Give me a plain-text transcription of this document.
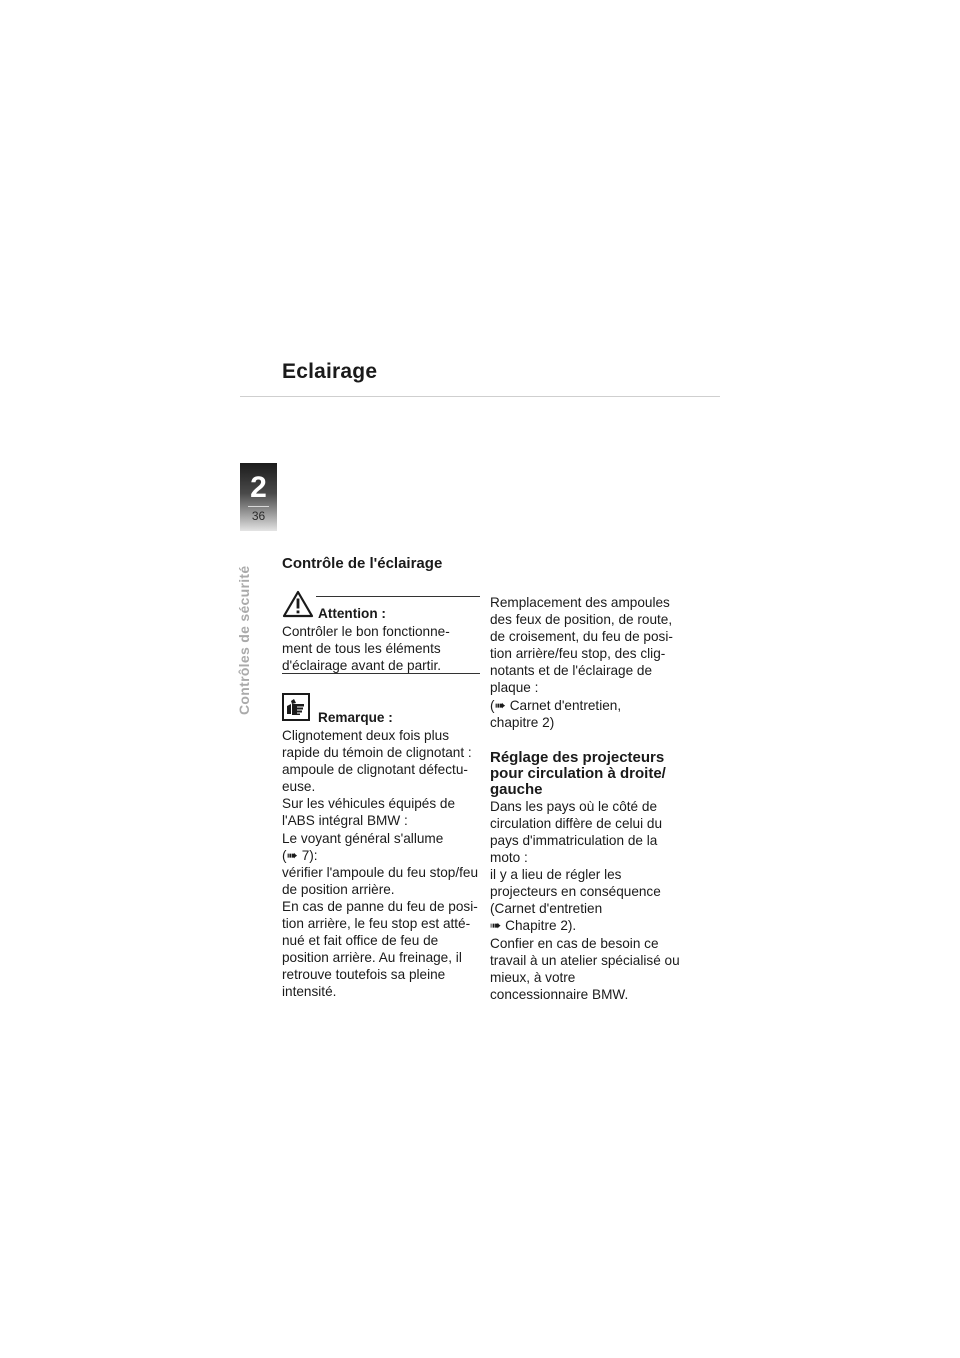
Eclairage
2
36
Contrôles de sécurité
Contrôle de l'éclairage
Attention :
Contrôler le bon fonctionne-
ment de tous les éléments
d'éclairage avant de partir.
Remarque :
Clignotement deux fois plus
rapide du témoin de clignotant :
ampoule de clignotant défectu-
euse.
Sur les véhicules équipés de
l'ABS intégral BMW :
Le voyant général s'allume
(➠ 7):
vérifier l'ampoule du feu stop/feu
de position arrière.
En cas de panne du feu de posi-
tion arrière, le feu stop est atté-
nué et fait office de feu de
position arrière. Au freinage, il
retrouve toutefois sa pleine
intensité.
Remplacement des ampoules
des feux de position, de route,
de croisement, du feu de posi-
tion arrière/feu stop, des clig-
notants et de l'éclairage de
plaque :
(➠ Carnet d'entretien,
chapitre 2)
Réglage des projecteurs
pour circulation à droite/
gauche
Dans les pays où le côté de
circulation diffère de celui du
pays d'immatriculation de la
moto :
il y a lieu de régler les
projecteurs en conséquence
(Carnet d'entretien
➠ Chapitre 2).
Confier en cas de besoin ce
travail à un atelier spécialisé ou
mieux, à votre
concessionnaire BMW.
